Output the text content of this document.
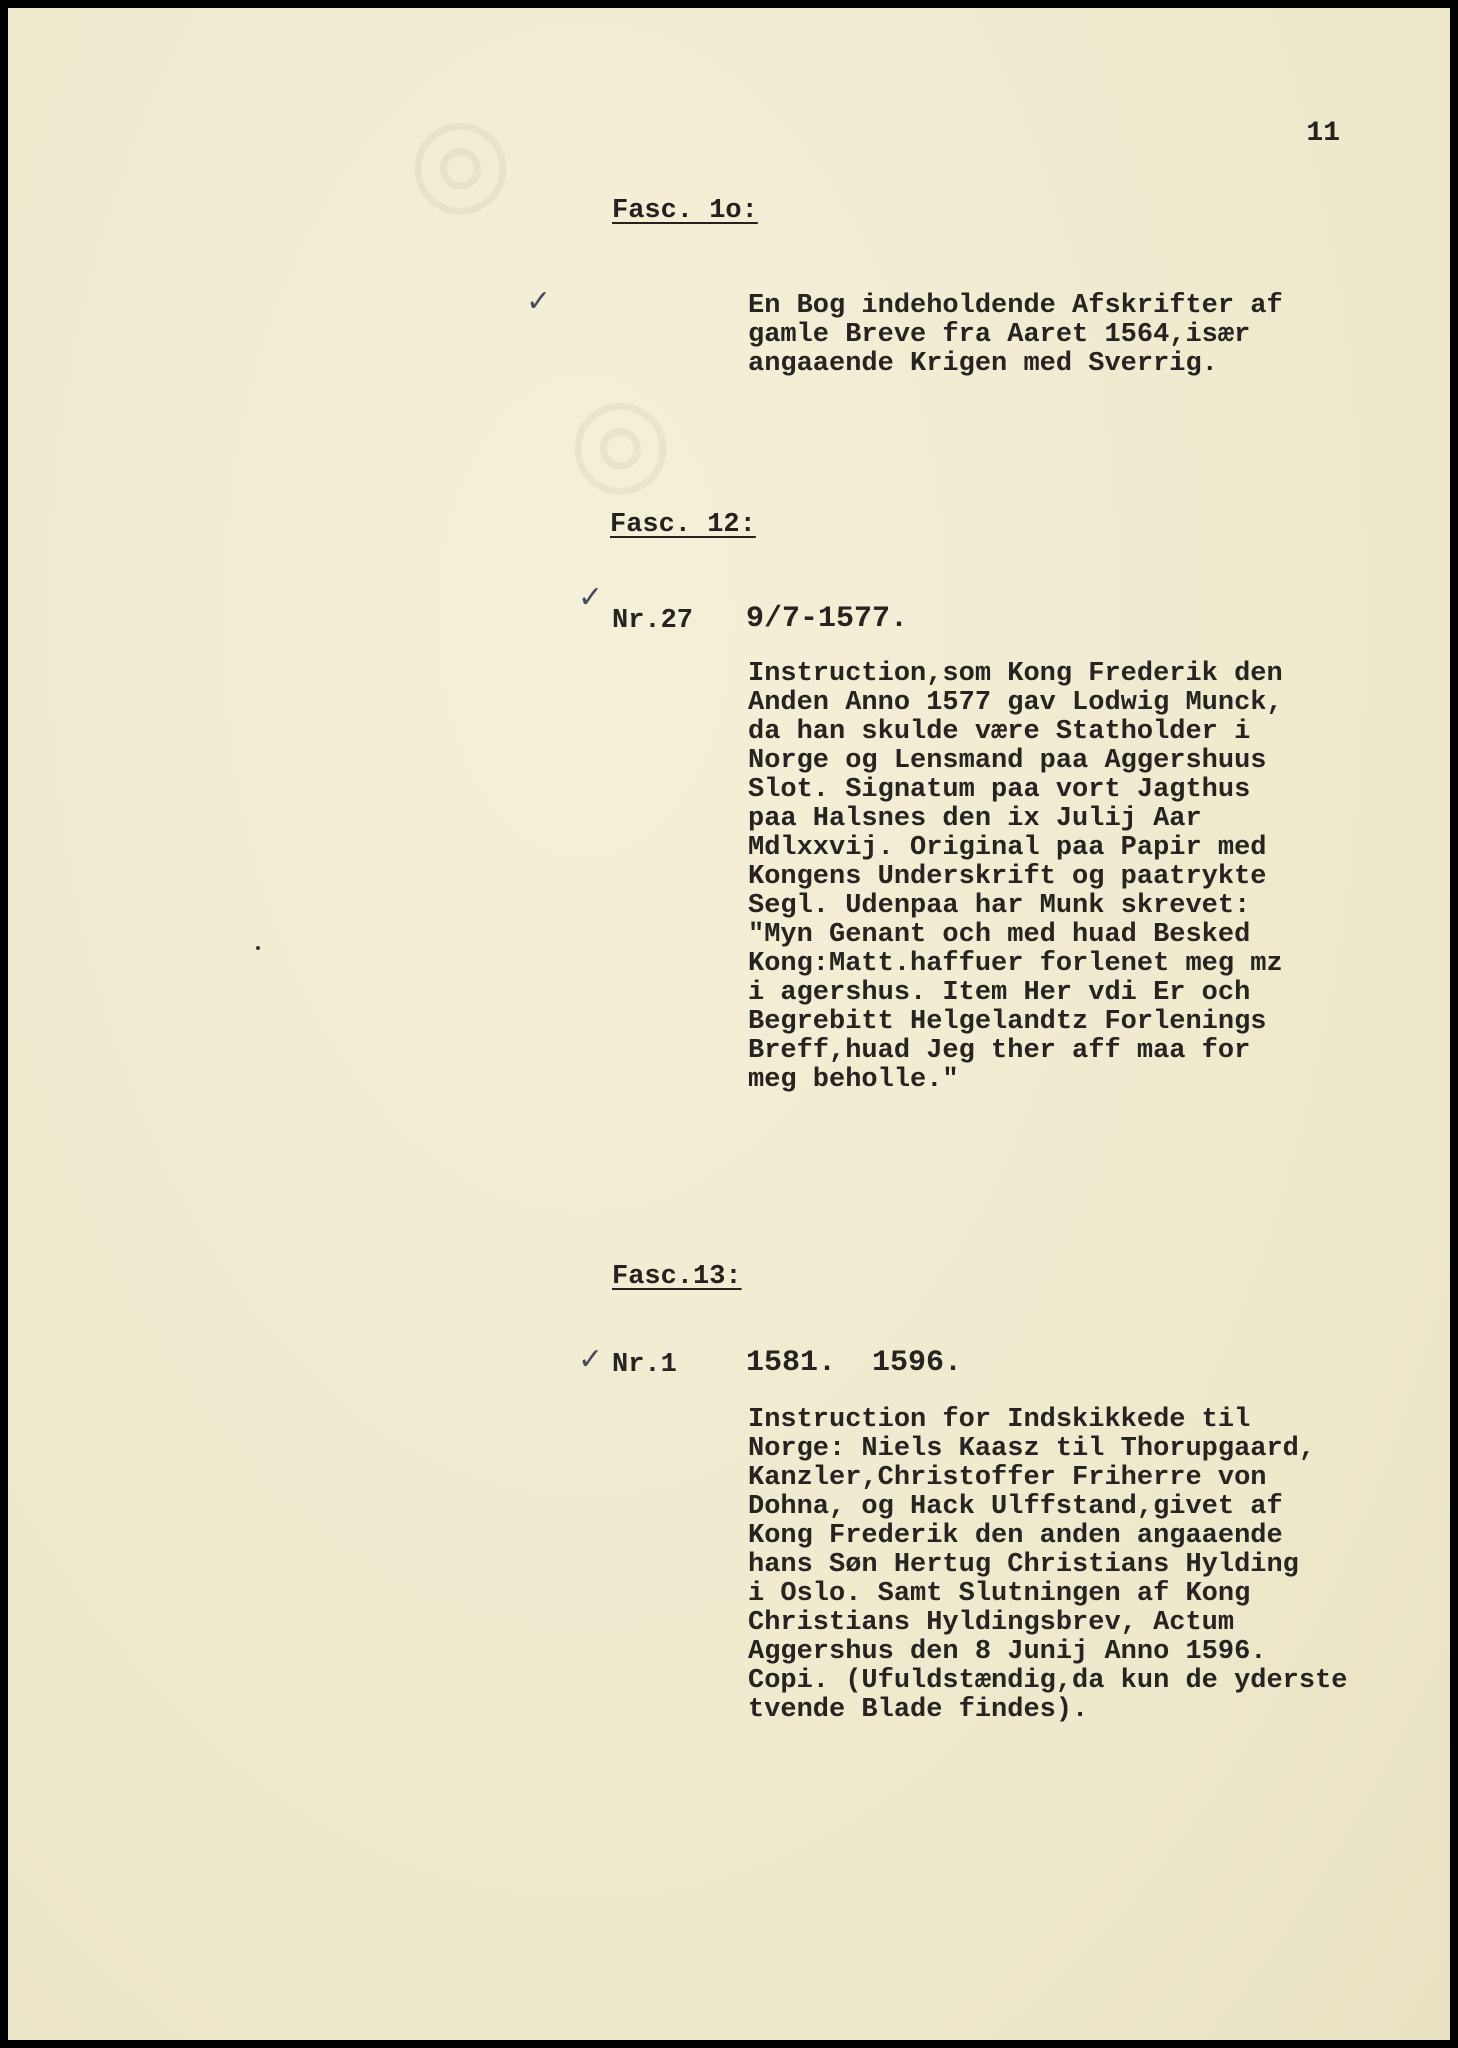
◎
◎
11
Fasc. 1o:
✓	En Bog indeholdende Afskrifter af
gamle Breve fra Aaret 1564,især
angaaende Krigen med Sverrig.
Fasc. 12:
✓
Nr.27 9/7-1577.
Instruction,som Kong Frederik den
Anden Anno 1577 gav Lodwig Munck,
da han skulde være Statholder i
Norge og Lensmand paa Aggershuus
Slot. Signatum paa vort Jagthus
paa Halsnes den ix Julij Aar
Mdlxxvij. Original paa Papir med
Kongens Underskrift og paatrykte
Segl. Udenpaa har Munk skrevet:
"Myn Genant och med huad Besked
Kong:Matt.haffuer forlenet meg mz
i agershus. Item Her vdi Er och
Begrebitt Helgelandtz Forlenings
Breff,huad Jeg ther aff maa for
meg beholle."
Fasc.13:
✓ Nr.1 1581.  1596.
Instruction for Indskikkede til
Norge: Niels Kaasz til Thorupgaard,
Kanzler,Christoffer Friherre von
Dohna, og Hack Ulffstand,givet af
Kong Frederik den anden angaaende
hans Søn Hertug Christians Hylding
i Oslo. Samt Slutningen af Kong
Christians Hyldingsbrev, Actum
Aggershus den 8 Junij Anno 1596.
Copi. (Ufuldstændig,da kun de yderste
tvende Blade findes).
